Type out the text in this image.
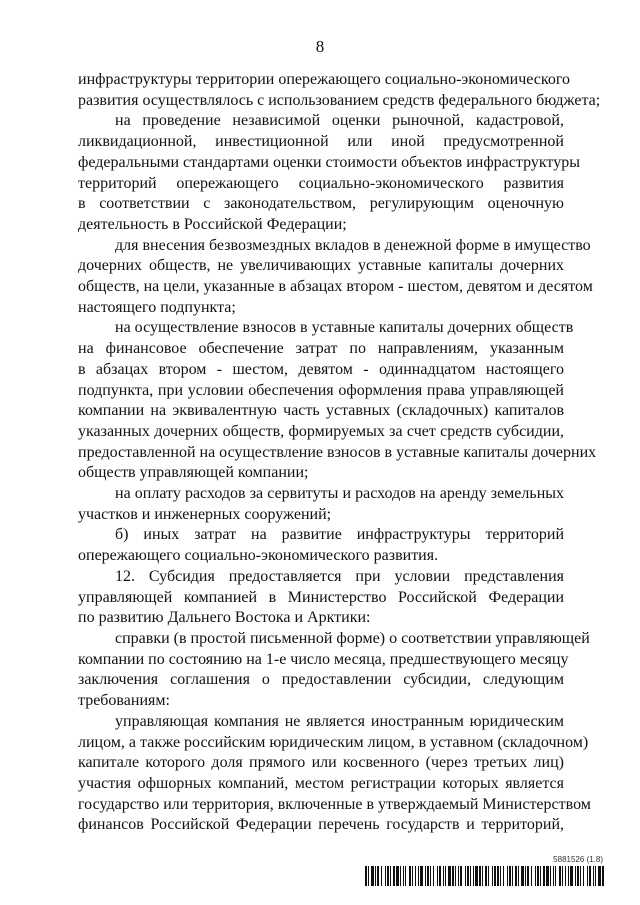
8
инфраструктуры территории опережающего социально-экономического
развития осуществлялось с использованием средств федерального бюджета;
на проведение независимой оценки рыночной, кадастровой,
ликвидационной, инвестиционной или иной предусмотренной
федеральными стандартами оценки стоимости объектов инфраструктуры
территорий опережающего социально-экономического развития
в соответствии с законодательством, регулирующим оценочную
деятельность в Российской Федерации;
для внесения безвозмездных вкладов в денежной форме в имущество
дочерних обществ, не увеличивающих уставные капиталы дочерних
обществ, на цели, указанные в абзацах втором - шестом, девятом и десятом
настоящего подпункта;
на осуществление взносов в уставные капиталы дочерних обществ
на финансовое обеспечение затрат по направлениям, указанным
в абзацах втором - шестом, девятом - одиннадцатом настоящего
подпункта, при условии обеспечения оформления права управляющей
компании на эквивалентную часть уставных (складочных) капиталов
указанных дочерних обществ, формируемых за счет средств субсидии,
предоставленной на осуществление взносов в уставные капиталы дочерних
обществ управляющей компании;
на оплату расходов за сервитуты и расходов на аренду земельных
участков и инженерных сооружений;
б) иных затрат на развитие инфраструктуры территорий
опережающего социально-экономического развития.
12. Субсидия предоставляется при условии представления
управляющей компанией в Министерство Российской Федерации
по развитию Дальнего Востока и Арктики:
справки (в простой письменной форме) о соответствии управляющей
компании по состоянию на 1-е число месяца, предшествующего месяцу
заключения соглашения о предоставлении субсидии, следующим
требованиям:
управляющая компания не является иностранным юридическим
лицом, а также российским юридическим лицом, в уставном (складочном)
капитале которого доля прямого или косвенного (через третьих лиц)
участия офшорных компаний, местом регистрации которых является
государство или территория, включенные в утверждаемый Министерством
финансов Российской Федерации перечень государств и территорий,
5881526 (1.8)
